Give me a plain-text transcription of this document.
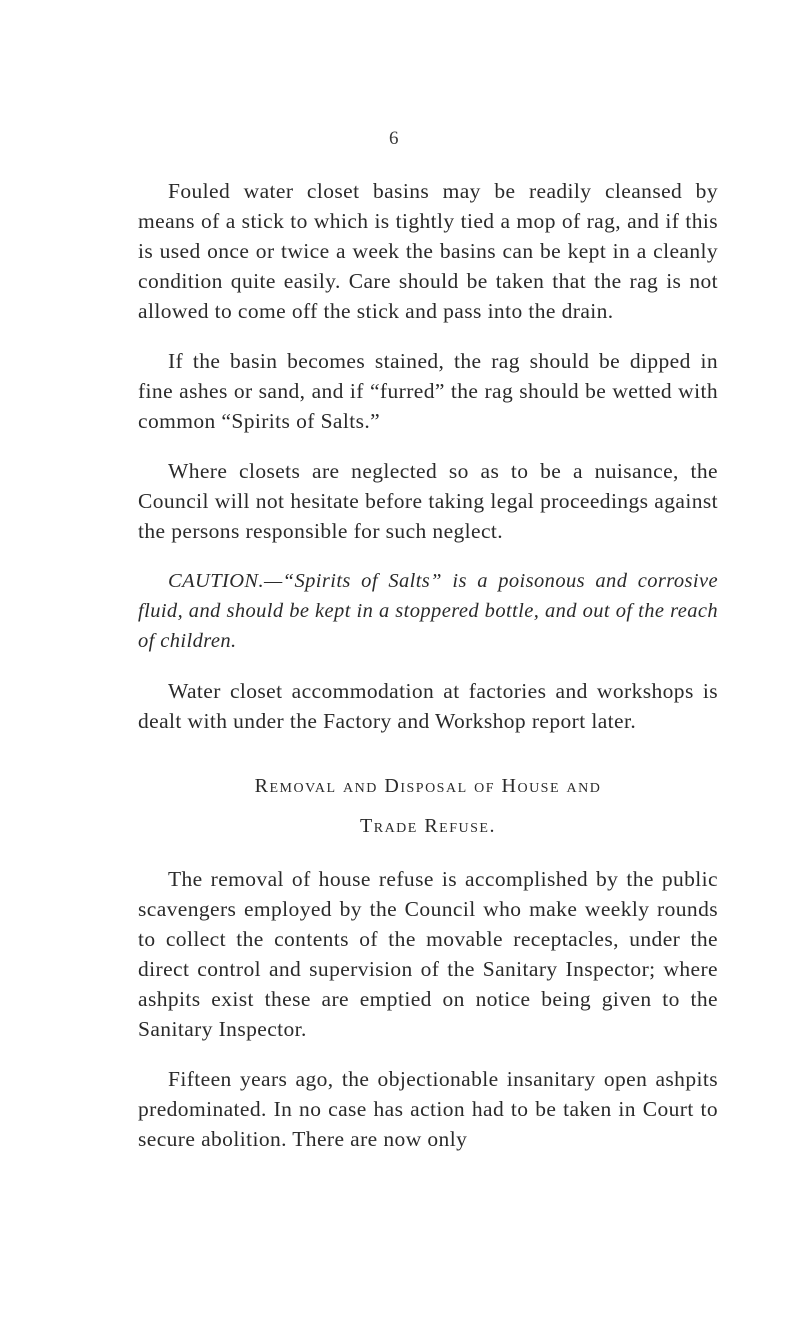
6

Fouled water closet basins may be readily cleansed by means of a stick to which is tightly tied a mop of rag, and if this is used once or twice a week the basins can be kept in a cleanly condition quite easily. Care should be taken that the rag is not allowed to come off the stick and pass into the drain.

If the basin becomes stained, the rag should be dipped in fine ashes or sand, and if “furred” the rag should be wetted with common “Spirits of Salts.”

Where closets are neglected so as to be a nuisance, the Council will not hesitate before taking legal proceedings against the persons responsible for such neglect.

CAUTION.—“Spirits of Salts” is a poisonous and corrosive fluid, and should be kept in a stoppered bottle, and out of the reach of children.

Water closet accommodation at factories and workshops is dealt with under the Factory and Workshop report later.

Removal and Disposal of House and
Trade Refuse.

The removal of house refuse is accomplished by the public scavengers employed by the Council who make weekly rounds to collect the contents of the movable receptacles, under the direct control and supervision of the Sanitary Inspector; where ashpits exist these are emptied on notice being given to the Sanitary Inspector.

Fifteen years ago, the objectionable insanitary open ashpits predominated. In no case has action had to be taken in Court to secure abolition. There are now only
